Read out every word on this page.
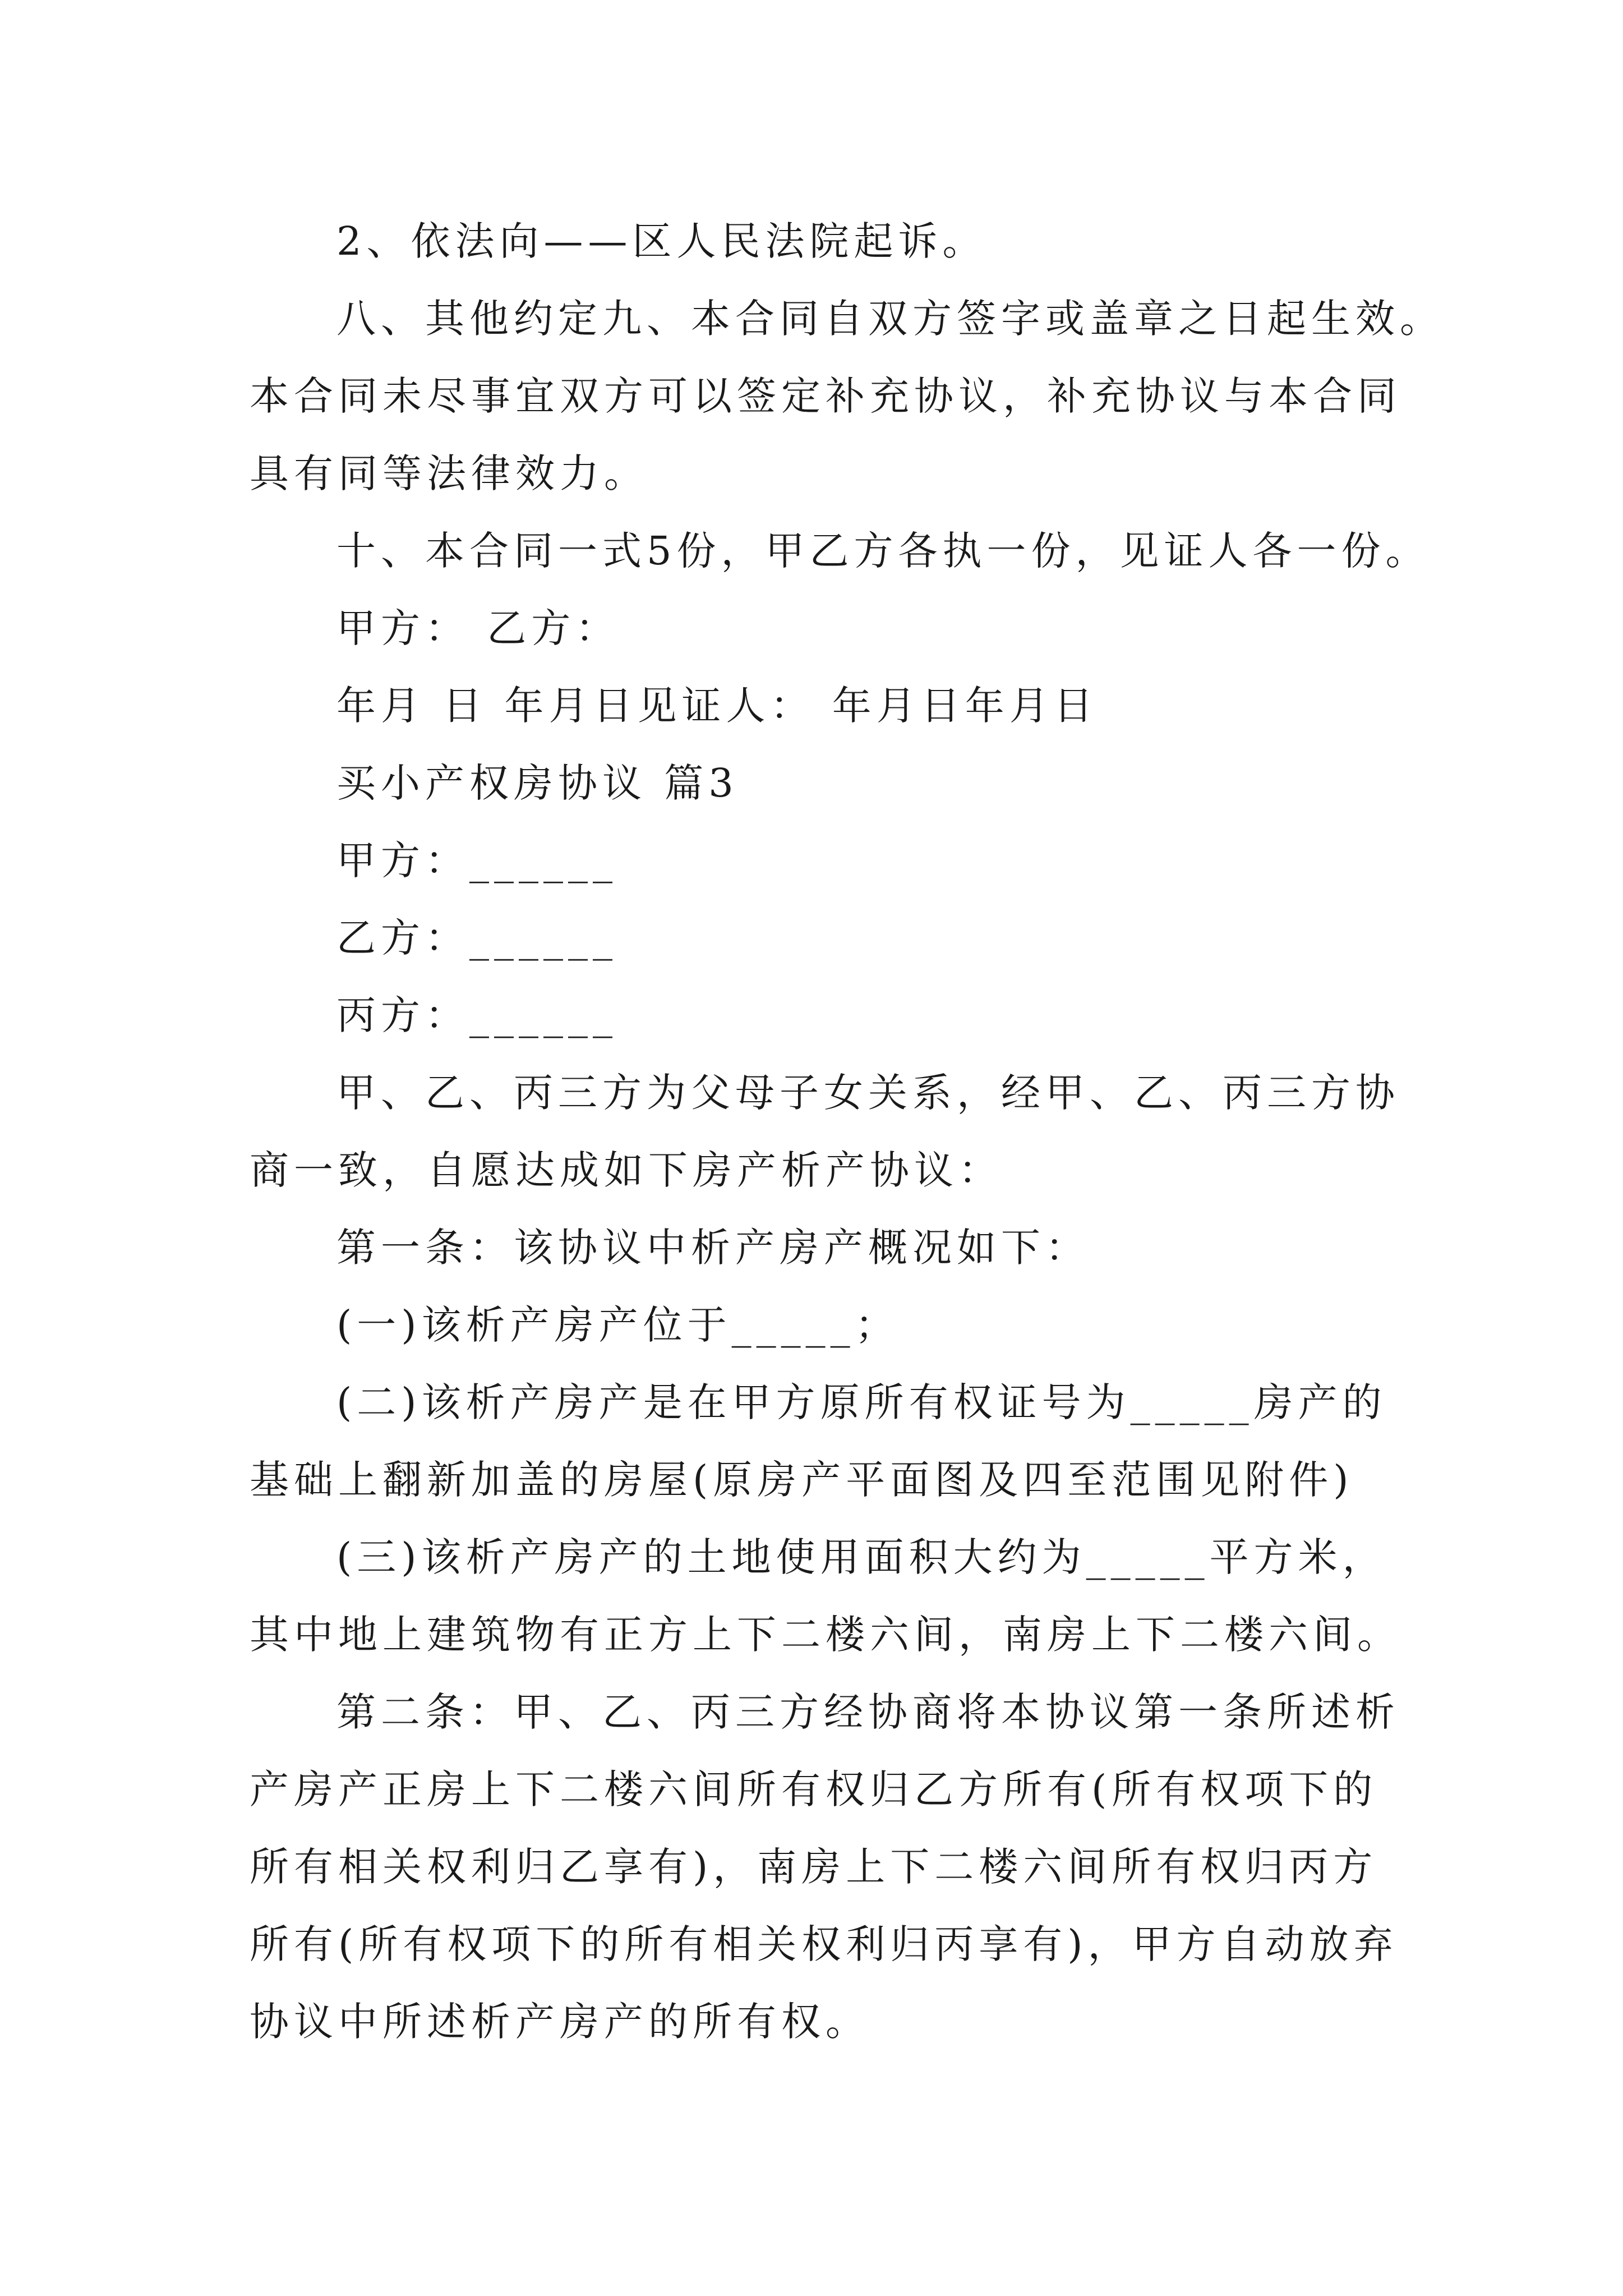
2、依法向——区人民法院起诉。
八、其他约定九、本合同自双方签字或盖章之日起生效。
本合同未尽事宜双方可以签定补充协议，补充协议与本合同
具有同等法律效力。
十、本合同一式5份，甲乙方各执一份，见证人各一份。
甲方： 乙方：
年月 日 年月日见证人： 年月日年月日
买小产权房协议 篇3
甲方：______
乙方：______
丙方：______
甲、乙、丙三方为父母子女关系，经甲、乙、丙三方协
商一致，自愿达成如下房产析产协议：
第一条：该协议中析产房产概况如下：
(一)该析产房产位于_____；
(二)该析产房产是在甲方原所有权证号为_____房产的
基础上翻新加盖的房屋(原房产平面图及四至范围见附件)
(三)该析产房产的土地使用面积大约为_____平方米，
其中地上建筑物有正方上下二楼六间，南房上下二楼六间。
第二条：甲、乙、丙三方经协商将本协议第一条所述析
产房产正房上下二楼六间所有权归乙方所有(所有权项下的
所有相关权利归乙享有)，南房上下二楼六间所有权归丙方
所有(所有权项下的所有相关权利归丙享有)，甲方自动放弃
协议中所述析产房产的所有权。
